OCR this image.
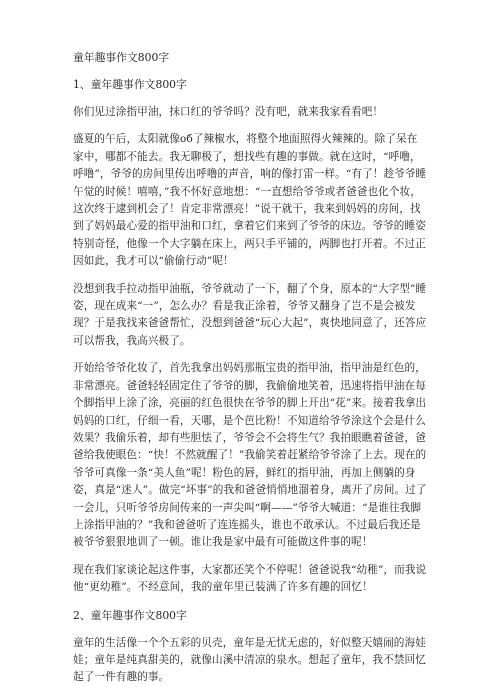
童年趣事作文800字

1、童年趣事作文800字

你们见过涂指甲油，抹口红的爷爷吗？没有吧，就来我家看看吧！

盛夏的午后，太阳就像об了辣椒水，将整个地面照得火辣辣的。除了呆在家中，哪都不能去。我无聊极了，想找些有趣的事做。就在这时，“呼噜，呼噜”，爷爷的房间里传出呼噜的声音，响的像打雷一样。“有了！趁爷爷睡午觉的时候！嘻嘻，”我不怀好意地想：“一直想给爷爷或者爸爸也化个妆，这次终于逮到机会了！肯定非常漂亮！”说干就干，我来到妈妈的房间，找到了妈妈最心爱的指甲油和口红，拿着它们来到了爷爷的床边。爷爷的睡姿特别奇怪，他像一个大字躺在床上，两只手平铺的，两脚也打开着。不过正因如此，我才可以“偷偷行动”呢！

没想到我手拉动指甲油瓶，爷爷就动了一下，翻了个身，原本的“大字型”睡姿，现在成来“一”，怎么办？看是我正涂着，爷爷又翻身了岂不是会被发现？于是我找来爸爸帮忙，没想到爸爸“玩心大起”，爽快地同意了，还答应可以帮我，我高兴极了。

开始给爷爷化妆了，首先我拿出妈妈那瓶宝贵的指甲油，指甲油是红色的，非常漂亮。爸爸轻轻固定住了爷爷的脚，我偷偷地笑着，迅速将指甲油在每个脚指甲上涂了涂，亮丽的红色很快在爷爷的脚上开出“花”来。接着我拿出妈妈的口红，仔细一看，天哪，是个芭比粉！不知道给爷爷涂这个会是什么效果？我偷乐着，却有些胆怯了，爷爷会不会将生气？我拍眼瞧着爸爸，爸爸给我使眼色：“快！不然就醒了！”我偷笑着赶紧给爷爷涂了上去。现在的爷爷可真像一条“美人鱼”呢！粉色的唇，鲜红的指甲油，再加上侧躺的身姿，真是“迷人”。做完“坏事”的我和爸爸悄悄地溜着身，离开了房间。过了一会儿，只听爷爷房间传来的一声尖叫“啊——”爷爷大喊道：“是谁往我脚上涂指甲油的？”我和爸爸听了连连摇头，谁也不敢承认。不过最后我还是被爷爷狠狠地训了一顿。谁让我是家中最有可能做这件事的呢！

现在我们家谈论起这件事，大家都还笑个不停呢！爸爸说我“幼稚”，而我说他“更幼稚”。不经意间，我的童年里已装满了许多有趣的回忆！

2、童年趣事作文800字

童年的生活像一个个五彩的贝壳，童年是无忧无虑的，好似整天嬉闹的海娃娃；童年是纯真甜美的，就像山溪中清凉的泉水。想起了童年，我不禁回忆起了一件有趣的事。
